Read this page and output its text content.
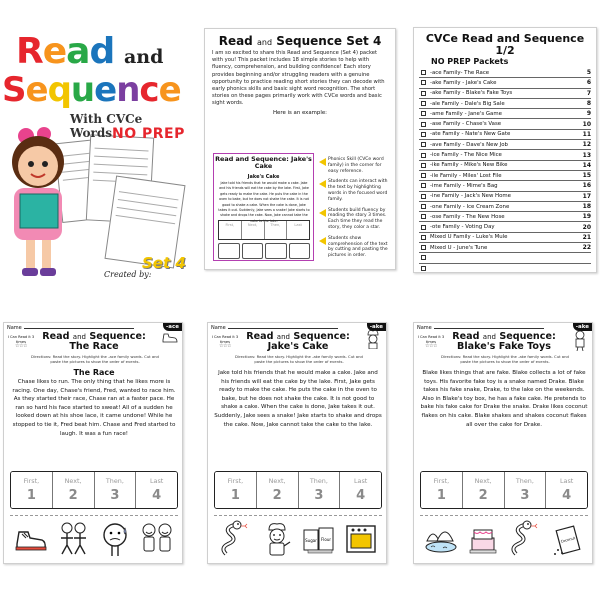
Read and
Sequence
With CVCe Words NO PREP
Set 4
Created by:
Read and Sequence Set 4
I am so excited to share this Read and Sequence (Set 4) packet with you! This packet includes 18 simple stories to help with fluency, comprehension, and building confidence! Each story provides beginning and/or struggling readers with a genuine opportunity to practice reading short stories they can decode with early phonics skills and basic sight word recognition. The short stories on these pages primarily work with CVCe words and basic sight words.
Here is an example:
Read and Sequence: Jake's Cake
Jake's Cake
Jake told his friends that he would make a cake. Jake and his friends will eat the cake by the lake. First, Jake gets ready to make the cake. He puts the cake in the oven to bake, but he does not shake the cake. It is not good to shake a cake. When the cake is done, Jake takes it out. Suddenly, Jake sees a snake! Jake starts to shake and drops the cake. Now, Jake cannot take the cake to the lake.
First,	Next,	Then,	Last
Phonics Skill (CVCe word family) in the corner for easy reference.
Students can interact with the text by highlighting words in the focused word family.
Students build fluency by reading the story 3 times. Each time they read the story, they color a star.
Students show comprehension of the text by cutting and pasting the pictures in order.
CVCe Read and Sequence 1/2
NO PREP Packets
-ace Family- The Race	5
-ake Family - Jake's Cake	6
-ake Family - Blake's Fake Toys	7
-ale Family - Dale's Big Sale	8
-ame Family - Jane's Game	9
-ase Family - Chase's Vase	10
-ate Family - Nate's New Gate	11
-ave Family - Dave's New Job	12
-ice Family - The Nice Mice	13
-ike Family - Mike's New Bike	14
-ile Family - Miles' Lost File	15
-ime Family - Mime's Bag	16
-ine Family - Jack's New Home	17
-one Family - Ice Cream Zone	18
-ose Family - The New Hose	19
-ote Family - Voting Day	20
Mixed U Family - Luke's Mule	21
Mixed U - June's Tune	22
Name	-ace
I Can Read it 3 times
☆☆☆
Read and Sequence:
The Race
Directions: Read the story. Highlight the -ace family words. Cut and paste the pictures to show the order of events.
The Race
Chase likes to run. The only thing that he likes more is racing. One day, Chase's friend, Fred, wanted to race him. As they started their race, Chase ran at a faster pace. He ran so hard his face started to sweat! All of a sudden he looked down at his shoe lace, it came undone! While he stopped to tie it, Fred beat him. Chase and Fred started to laugh. It was a fun race!
First,
1
Next,
2
Then,
3
Last
4
Name	-ake
I Can Read it 3 times
☆☆☆
Read and Sequence:
Jake's Cake
Directions: Read the story. Highlight the -ake family words. Cut and paste the pictures to show the order of events.
Jake told his friends that he would make a cake. Jake and his friends will eat the cake by the lake. First, Jake gets ready to make the cake. He puts the cake in the oven to bake, but he does not shake the cake. It is not good to shake a cake. When the cake is done, Jake takes it out. Suddenly, Jake sees a snake! Jake starts to shake and drops the cake. Now, Jake cannot take the cake to the lake.
First,
1
Next,
2
Then,
3
Last
4
Sugar Flour
Name	-ake
I Can Read it 3 times
☆☆☆
Read and Sequence:
Blake's Fake Toys
Directions: Read the story. Highlight the -ake family words. Cut and paste the pictures to show the order of events.
Blake likes things that are fake. Blake collects a lot of fake toys. His favorite fake toy is a snake named Drake. Blake takes his fake snake, Drake, to the lake on the weekends. Also in Blake's toy box, he has a fake cake. He pretends to bake his fake cake for Drake the snake. Drake likes coconut flakes on his cake. Blake shakes and shakes coconut flakes all over the cake for Drake.
First,
1
Next,
2
Then,
3
Last
4
Coconut
